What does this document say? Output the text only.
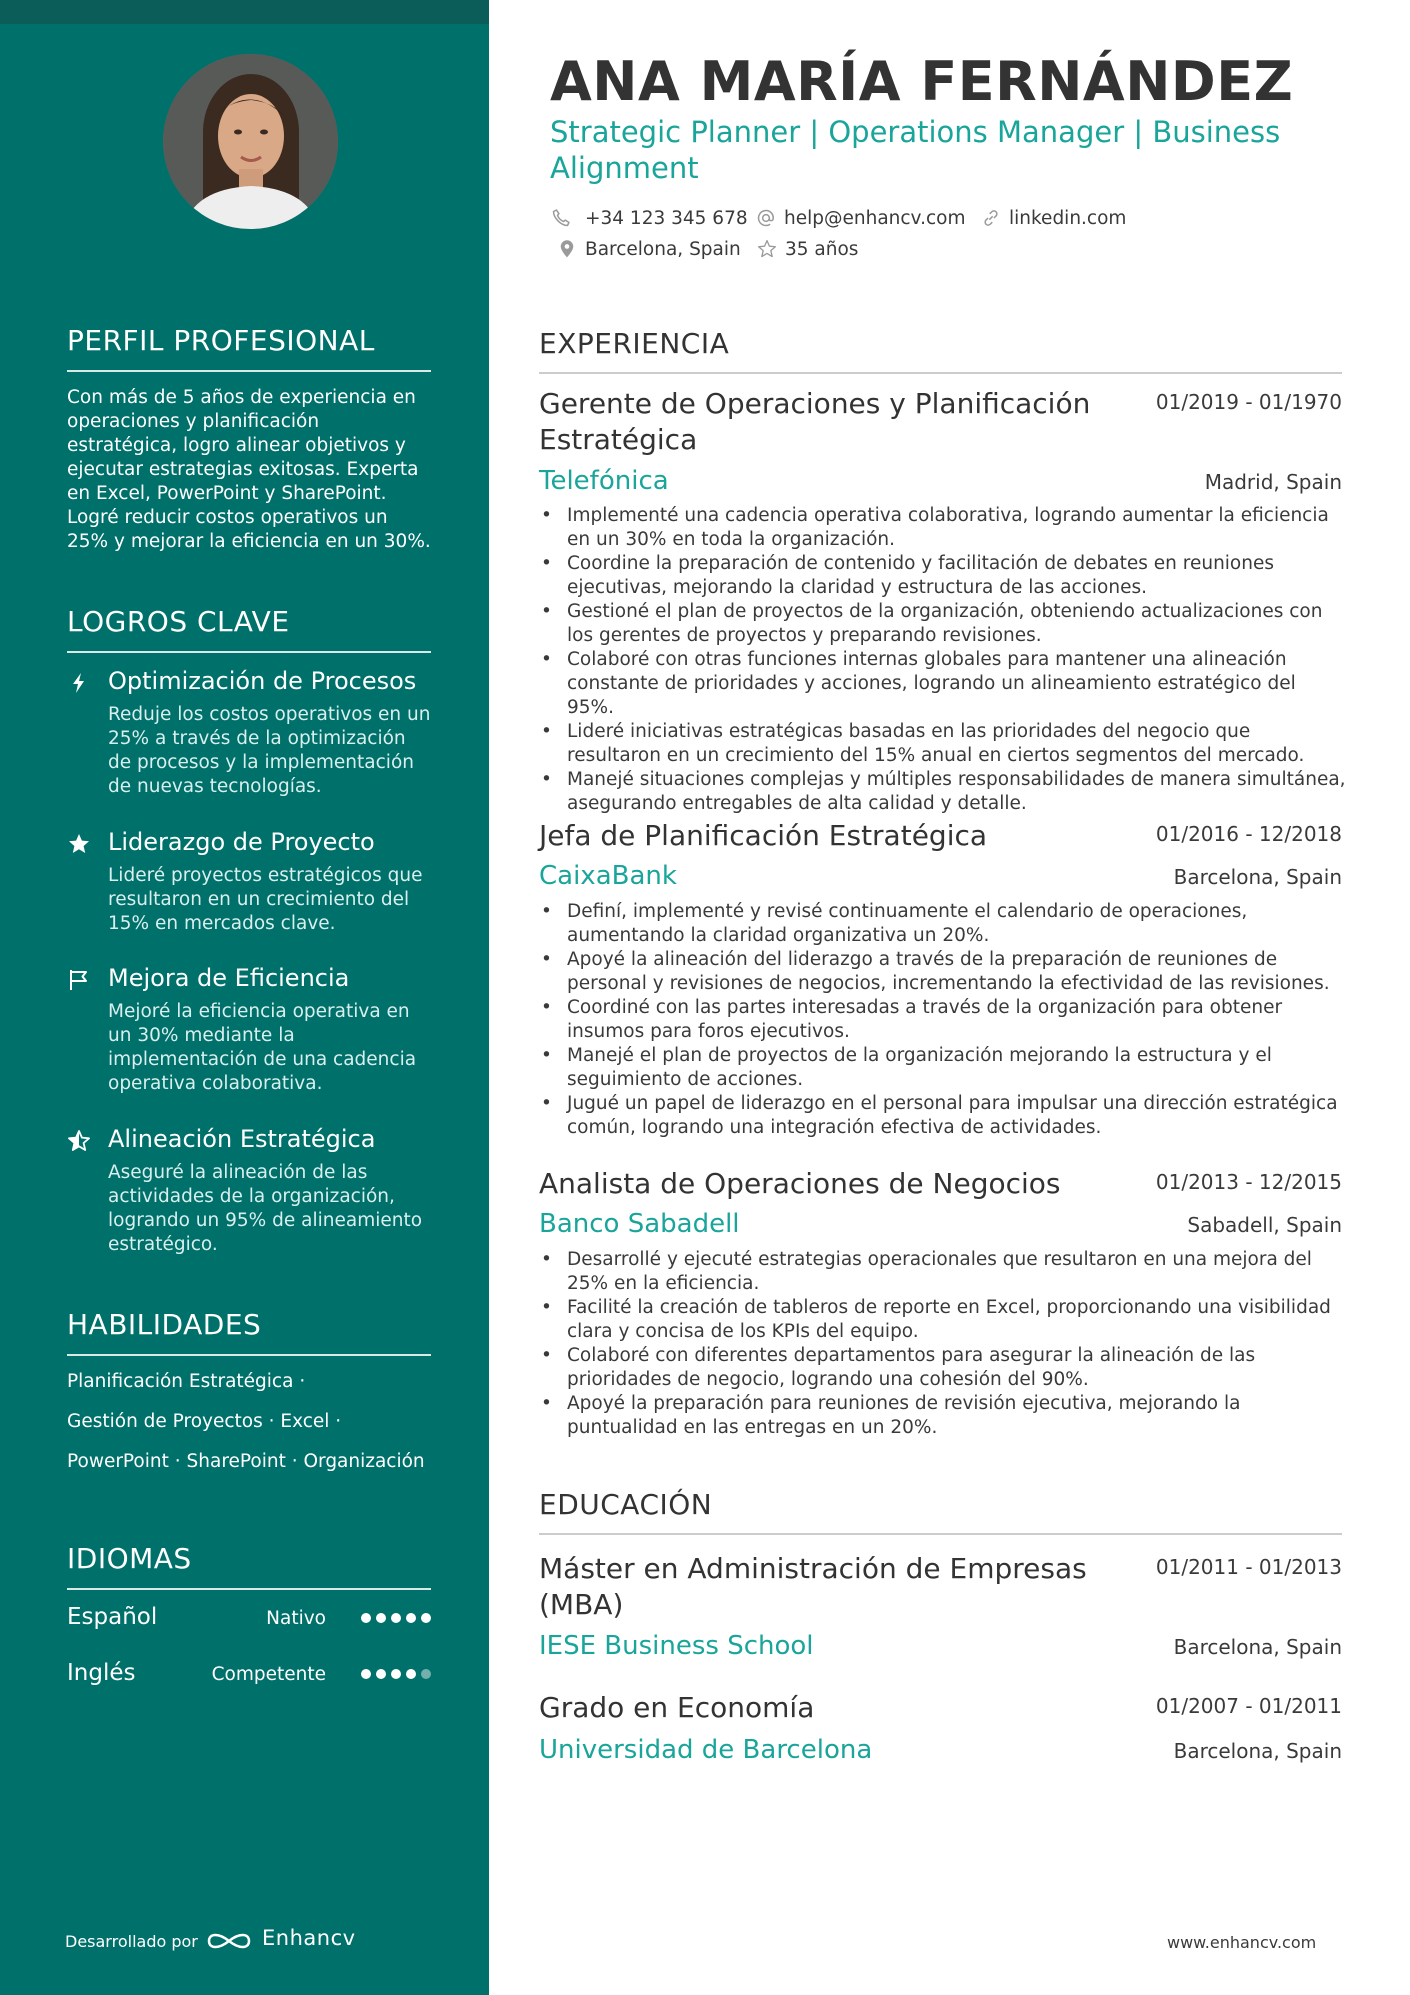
PERFIL PROFESIONAL
Con más de 5 años de experiencia en operaciones y planificación estratégica, logro alinear objetivos y ejecutar estrategias exitosas. Experta en Excel, PowerPoint y SharePoint. Logré reducir costos operativos un 25% y mejorar la eficiencia en un 30%.
LOGROS CLAVE
Optimización de Procesos
Reduje los costos operativos en un 25% a través de la optimización de procesos y la implementación de nuevas tecnologías.
Liderazgo de Proyecto
Lideré proyectos estratégicos que resultaron en un crecimiento del 15% en mercados clave.
Mejora de Eficiencia
Mejoré la eficiencia operativa en un 30% mediante la implementación de una cadencia operativa colaborativa.
Alineación Estratégica
Aseguré la alineación de las actividades de la organización, logrando un 95% de alineamiento estratégico.
HABILIDADES
Planificación Estratégica ·
Gestión de Proyectos · Excel ·
PowerPoint · SharePoint · Organización
IDIOMAS
Español	Nativo
Inglés	Competente
Desarrollado por	Enhancv
ANA MARÍA FERNÁNDEZ
Strategic Planner | Operations Manager | Business Alignment
+34 123 345 678 help@enhancv.com linkedin.com
Barcelona, Spain 35 años
EXPERIENCIA
Gerente de Operaciones y Planificación Estratégica
01/2019 - 01/1970
Telefónica	Madrid, Spain
• Implementé una cadencia operativa colaborativa, logrando aumentar la eficiencia en un 30% en toda la organización.
• Coordine la preparación de contenido y facilitación de debates en reuniones ejecutivas, mejorando la claridad y estructura de las acciones.
• Gestioné el plan de proyectos de la organización, obteniendo actualizaciones con los gerentes de proyectos y preparando revisiones.
• Colaboré con otras funciones internas globales para mantener una alineación constante de prioridades y acciones, logrando un alineamiento estratégico del 95%.
• Lideré iniciativas estratégicas basadas en las prioridades del negocio que resultaron en un crecimiento del 15% anual en ciertos segmentos del mercado.
• Manejé situaciones complejas y múltiples responsabilidades de manera simultánea, asegurando entregables de alta calidad y detalle.
Jefa de Planificación Estratégica	01/2016 - 12/2018
CaixaBank	Barcelona, Spain
• Definí, implementé y revisé continuamente el calendario de operaciones, aumentando la claridad organizativa un 20%.
• Apoyé la alineación del liderazgo a través de la preparación de reuniones de personal y revisiones de negocios, incrementando la efectividad de las revisiones.
• Coordiné con las partes interesadas a través de la organización para obtener insumos para foros ejecutivos.
• Manejé el plan de proyectos de la organización mejorando la estructura y el seguimiento de acciones.
• Jugué un papel de liderazgo en el personal para impulsar una dirección estratégica común, logrando una integración efectiva de actividades.
Analista de Operaciones de Negocios	01/2013 - 12/2015
Banco Sabadell	Sabadell, Spain
• Desarrollé y ejecuté estrategias operacionales que resultaron en una mejora del 25% en la eficiencia.
• Facilité la creación de tableros de reporte en Excel, proporcionando una visibilidad clara y concisa de los KPIs del equipo.
• Colaboré con diferentes departamentos para asegurar la alineación de las prioridades de negocio, logrando una cohesión del 90%.
• Apoyé la preparación para reuniones de revisión ejecutiva, mejorando la puntualidad en las entregas en un 20%.
EDUCACIÓN
Máster en Administración de Empresas (MBA)
01/2011 - 01/2013
IESE Business School	Barcelona, Spain
Grado en Economía	01/2007 - 01/2011
Universidad de Barcelona	Barcelona, Spain
www.enhancv.com
